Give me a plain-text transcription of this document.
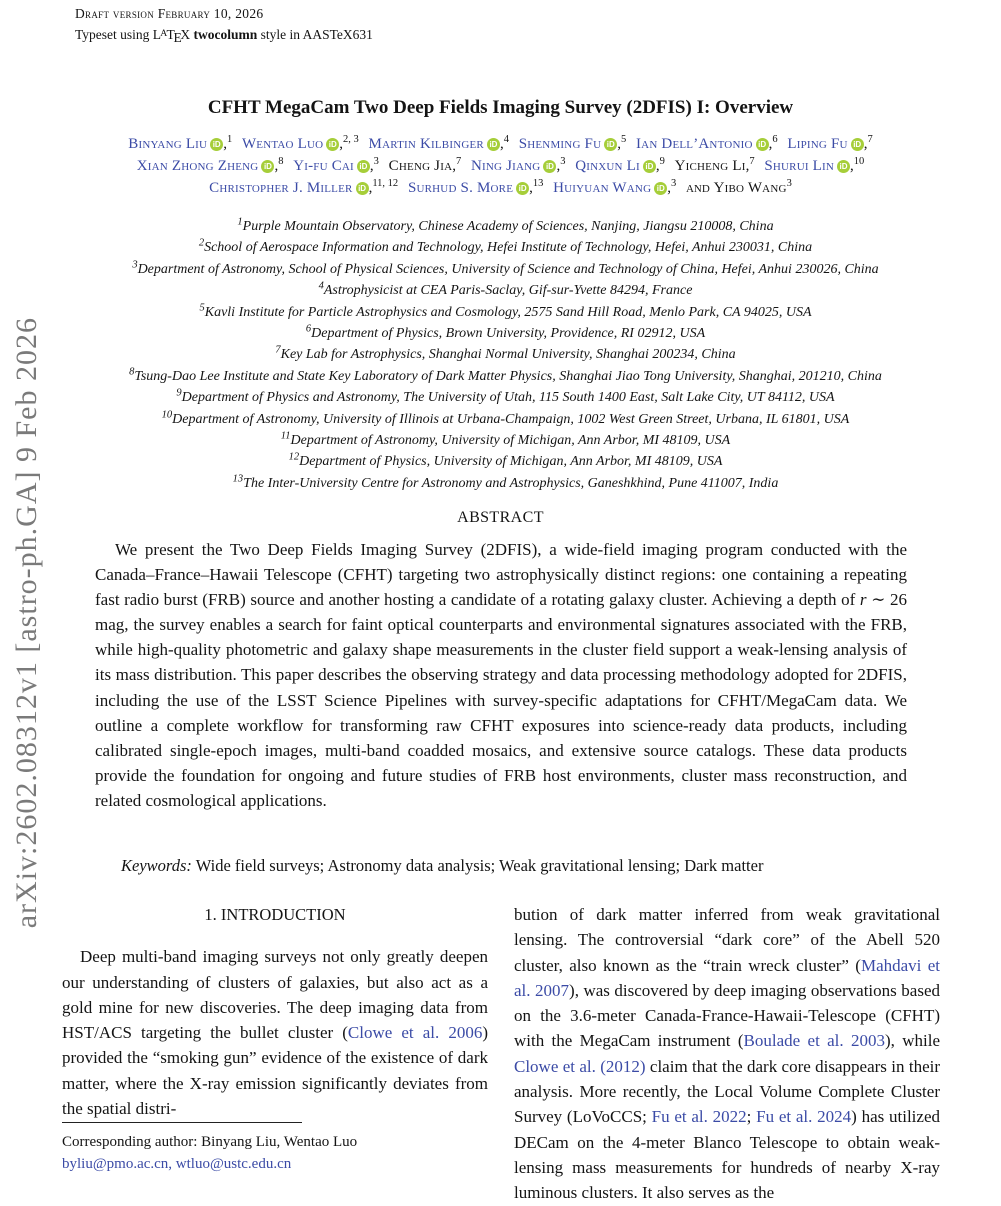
arXiv:2602.08312v1 [astro-ph.GA] 9 Feb 2026
Draft version February 10, 2026
Typeset using $L^ATEX$ twocolumn style in AASTeX631
CFHT MegaCam Two Deep Fields Imaging Survey (2DFIS) I: Overview
Binyang Liu iD ,$^1$ Wentao Luo iD ,$^{2, 3}$ Martin Kilbinger iD ,$^4$ Shenming Fu iD ,$^5$ Ian Dell’Antonio iD ,$^6$ Liping Fu iD ,$^7$
Xian Zhong Zheng iD ,$^8$ Yi-fu Cai iD ,$^3$ Cheng Jia,$^7$ Ning Jiang iD ,$^3$ Qinxun Li iD ,$^9$ Yicheng Li,$^7$ Shurui Lin iD ,$^{10}$
Christopher J. Miller iD ,$^{11, 12}$ Surhud S. More iD ,$^{13}$ Huiyuan Wang iD ,$^3$ and Yibo Wang$^3$
$^1$Purple Mountain Observatory, Chinese Academy of Sciences, Nanjing, Jiangsu 210008, China
$^2$School of Aerospace Information and Technology, Hefei Institute of Technology, Hefei, Anhui 230031, China
$^3$Department of Astronomy, School of Physical Sciences, University of Science and Technology of China, Hefei, Anhui 230026, China
$^4$Astrophysicist at CEA Paris-Saclay, Gif-sur-Yvette 84294, France
$^5$Kavli Institute for Particle Astrophysics and Cosmology, 2575 Sand Hill Road, Menlo Park, CA 94025, USA
$^6$Department of Physics, Brown University, Providence, RI 02912, USA
$^7$Key Lab for Astrophysics, Shanghai Normal University, Shanghai 200234, China
$^8$Tsung-Dao Lee Institute and State Key Laboratory of Dark Matter Physics, Shanghai Jiao Tong University, Shanghai, 201210, China
$^9$Department of Physics and Astronomy, The University of Utah, 115 South 1400 East, Salt Lake City, UT 84112, USA
$^{10}$Department of Astronomy, University of Illinois at Urbana-Champaign, 1002 West Green Street, Urbana, IL 61801, USA
$^{11}$Department of Astronomy, University of Michigan, Ann Arbor, MI 48109, USA
$^{12}$Department of Physics, University of Michigan, Ann Arbor, MI 48109, USA
$^{13}$The Inter-University Centre for Astronomy and Astrophysics, Ganeshkhind, Pune 411007, India
ABSTRACT
We present the Two Deep Fields Imaging Survey (2DFIS), a wide-field imaging program conducted with the Canada–France–Hawaii Telescope (CFHT) targeting two astrophysically distinct regions: one containing a repeating fast radio burst (FRB) source and another hosting a candidate of a rotating galaxy cluster. Achieving a depth of r ∼ 26 mag, the survey enables a search for faint optical counterparts and environmental signatures associated with the FRB, while high-quality photometric and galaxy shape measurements in the cluster field support a weak-lensing analysis of its mass distribution. This paper describes the observing strategy and data processing methodology adopted for 2DFIS, including the use of the LSST Science Pipelines with survey-specific adaptations for CFHT/MegaCam data. We outline a complete workflow for transforming raw CFHT exposures into science-ready data products, including calibrated single-epoch images, multi-band coadded mosaics, and extensive source catalogs. These data products provide the foundation for ongoing and future studies of FRB host environments, cluster mass reconstruction, and related cosmological applications.
Keywords: Wide field surveys; Astronomy data analysis; Weak gravitational lensing; Dark matter
1. INTRODUCTION

Deep multi-band imaging surveys not only greatly deepen our understanding of clusters of galaxies, but also act as a gold mine for new discoveries. The deep imaging data from HST/ACS targeting the bullet cluster (Clowe et al. 2006) provided the “smoking gun” evidence of the existence of dark matter, where the X-ray emission significantly deviates from the spatial distri-

bution of dark matter inferred from weak gravitational lensing. The controversial “dark core” of the Abell 520 cluster, also known as the “train wreck cluster” (Mahdavi et al. 2007), was discovered by deep imaging observations based on the 3.6-meter Canada-France-Hawaii-Telescope (CFHT) with the MegaCam instrument (Boulade et al. 2003), while Clowe et al. (2012) claim that the dark core disappears in their analysis. More recently, the Local Volume Complete Cluster Survey (LoVoCCS; Fu et al. 2022; Fu et al. 2024) has utilized DECam on the 4-meter Blanco Telescope to obtain weak-lensing mass measurements for hundreds of nearby X-ray luminous clusters. It also serves as the

Corresponding author: Binyang Liu, Wentao Luo
byliu@pmo.ac.cn, wtluo@ustc.edu.cn
